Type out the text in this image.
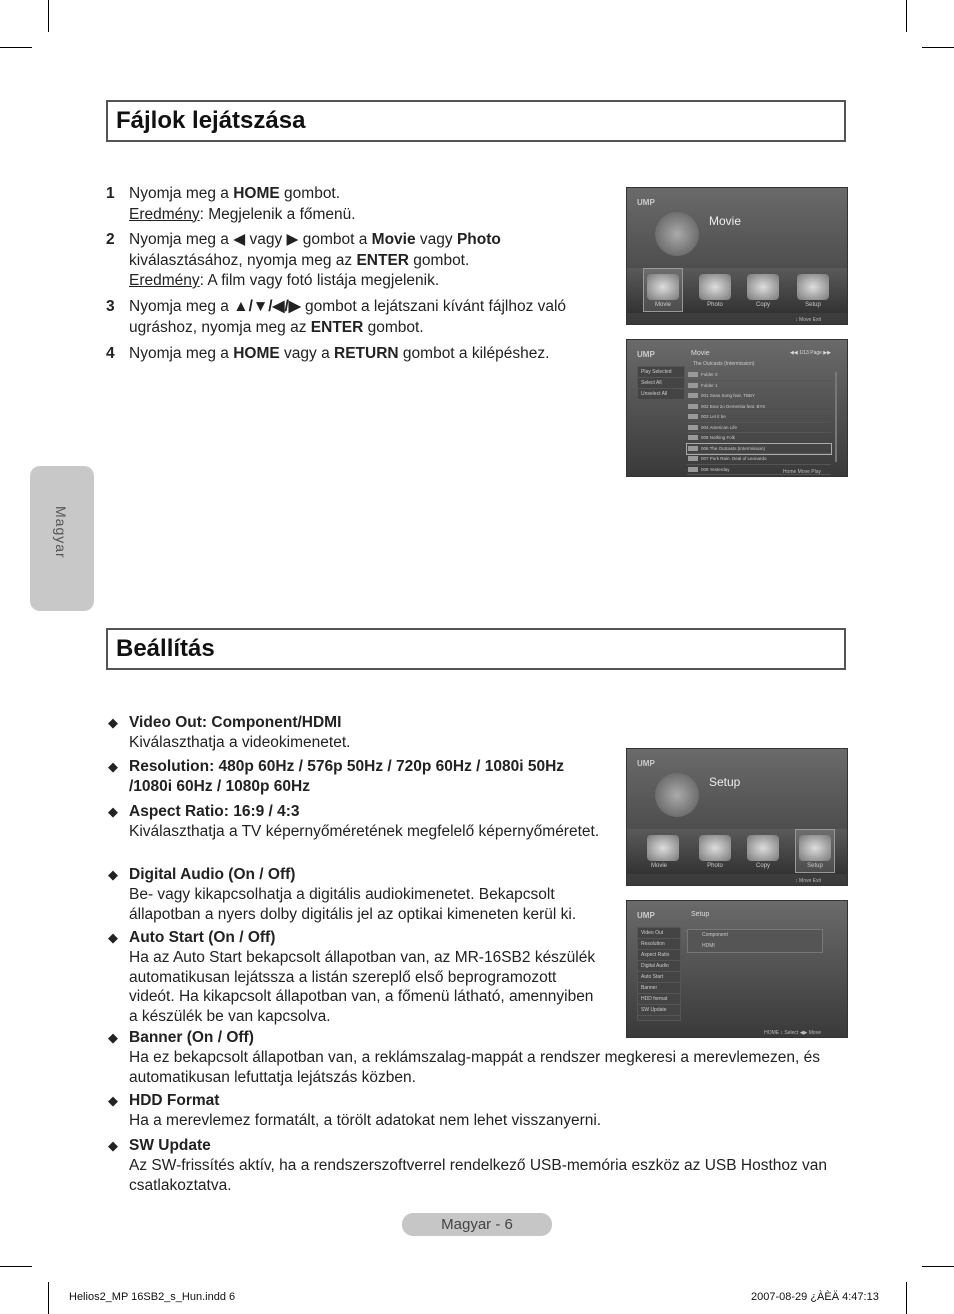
Fájlok lejátszása
1 Nyomja meg a HOME gombot.
Eredmény: Megjelenik a főmenü.
2 Nyomja meg a ◀ vagy ▶ gombot a Movie vagy Photo
kiválasztásához, nyomja meg az ENTER gombot.
Eredmény: A film vagy fotó listája megjelenik.
3 Nyomja meg a ▲/▼/◀/▶ gombot a lejátszani kívánt fájlhoz való
ugráshoz, nyomja meg az ENTER gombot.
4 Nyomja meg a HOME vagy a RETURN gombot a kilépéshez.
UMP
Movie
Movie	Photo	Copy	Setup
↕ Move Exit
UMP	Movie	◀◀ 1/13 Page ▶▶
The Outcasts (Intermission)
Play Selected
Select All
Unselect All
Folder 0
Folder 1
001 Sean Song feat. TBBY
002 Bow 2o Dementia feat. BYK
003 Let it be
004 American Life
005 Nothing Folk
006 The Outcasts (Intermission)
007 Pork Rain. Deal of Leonardo
008 Yesterday	Home Move Play
Magyar
Beállítás
◆ Video Out: Component/HDMI
Kiválaszthatja a videokimenetet.
◆ Resolution: 480p 60Hz / 576p 50Hz / 720p 60Hz / 1080i 50Hz /1080i 60Hz / 1080p 60Hz
◆ Aspect Ratio: 16:9 / 4:3
Kiválaszthatja a TV képernyőméretének megfelelő képernyőméretet.
◆ Digital Audio (On / Off)
Be- vagy kikapcsolhatja a digitális audiokimenetet. Bekapcsolt állapotban a nyers dolby digitális jel az optikai kimeneten kerül ki.
◆ Auto Start (On / Off)
Ha az Auto Start bekapcsolt állapotban van, az MR-16SB2 készülék automatikusan lejátssza a listán szereplő első beprogramozott videót. Ha kikapcsolt állapotban van, a főmenü látható, amennyiben a készülék be van kapcsolva.
◆ Banner (On / Off)
Ha ez bekapcsolt állapotban van, a reklámszalag-mappát a rendszer megkeresi a merevlemezen, és automatikusan lefuttatja lejátszás közben.
◆ HDD Format
Ha a merevlemez formatált, a törölt adatokat nem lehet visszanyerni.
◆ SW Update
Az SW-frissítés aktív, ha a rendszerszoftverrel rendelkező USB-memória eszköz az USB Hosthoz van csatlakoztatva.
UMP
Setup
Movie	Photo	Copy	Setup
↕ Move Exit
UMP	Setup
Video Out
Resolution
Aspect Ratio
Digital Audio
Auto Start
Banner
HDD format
SW Update
Component
HDMI
HOME ↕ Select ◀▶ Move
Magyar - 6
Helios2_MP 16SB2_s_Hun.indd 6	2007-08-29 ¿ÀÈÄ 4:47:13
